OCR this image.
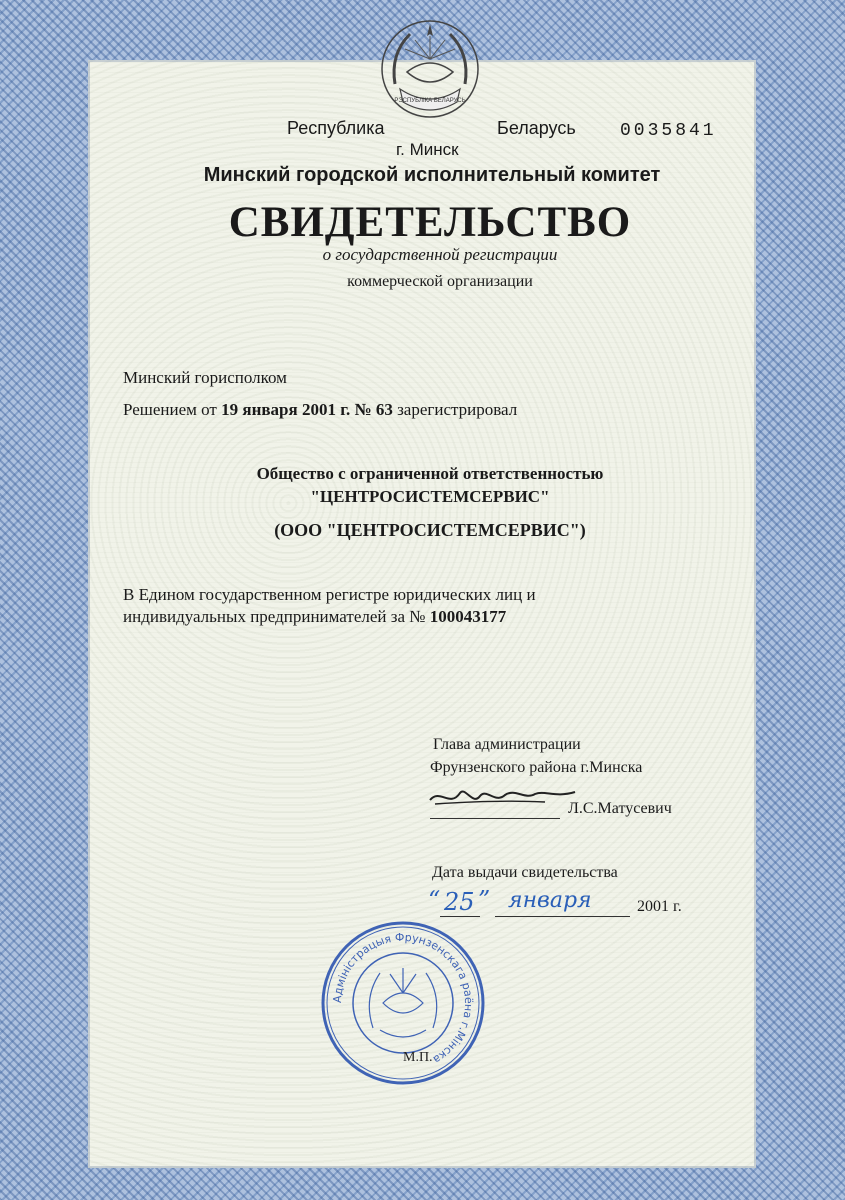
РЭСПУБЛІКА БЕЛАРУСЬ
Республика	Беларусь 0035841
г. Минск
Минский городской исполнительный комитет
СВИДЕТЕЛЬСТВО
о государственной регистрации
коммерческой организации
Минский горисполком
Решением от 19 января 2001 г. № 63 зарегистрировал
Общество с ограниченной ответственностью
"ЦЕНТРОСИСТЕМСЕРВИС"
(ООО "ЦЕНТРОСИСТЕМСЕРВИС")
В Едином государственном регистре юридических лиц и
индивидуальных предпринимателей за № 100043177
Глава администрации
Фрунзенского района г.Минска
Л.С.Матусевич
Дата выдачи свидетельства
“ 25 ” января	2001 г.
Адміністрацыя Фрунзенскага раёна г.Мінска
М.П.
